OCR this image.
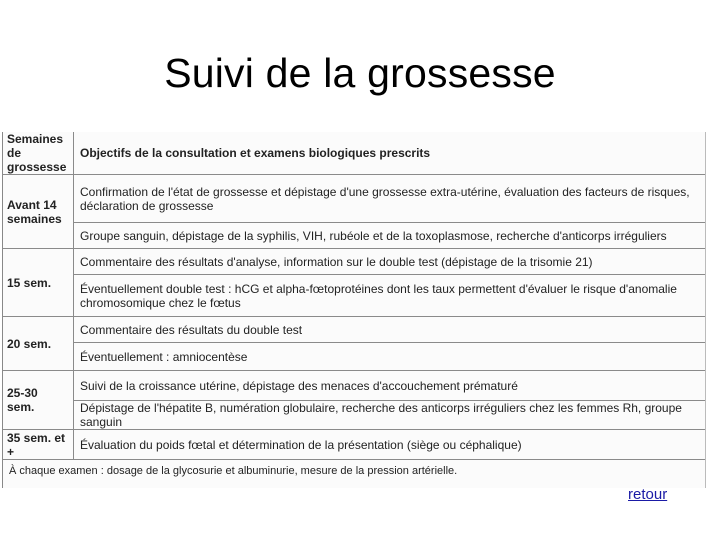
Suivi de la grossesse
Semaines de grossesse	Objectifs de la consultation et examens biologiques prescrits
Avant 14 semaines	Confirmation de l'état de grossesse et dépistage d'une grossesse extra-utérine, évaluation des facteurs de risques, déclaration de grossesse
	Groupe sanguin, dépistage de la syphilis, VIH, rubéole et de la toxoplasmose, recherche d'anticorps irréguliers
15 sem.	Commentaire des résultats d'analyse, information sur le double test (dépistage de la trisomie 21)
	Éventuellement double test : hCG et alpha-fœtoprotéines dont les taux permettent d'évaluer le risque d'anomalie chromosomique chez le fœtus
20 sem.	Commentaire des résultats du double test
	Éventuellement : amniocentèse
25-30 sem.	Suivi de la croissance utérine, dépistage des menaces d'accouchement prématuré
	Dépistage de l'hépatite B, numération globulaire, recherche des anticorps irréguliers chez les femmes Rh, groupe sanguin
35 sem. et +	Évaluation du poids fœtal et détermination de la présentation (siège ou céphalique)
À chaque examen : dosage de la glycosurie et albuminurie, mesure de la pression artérielle.	
retour
